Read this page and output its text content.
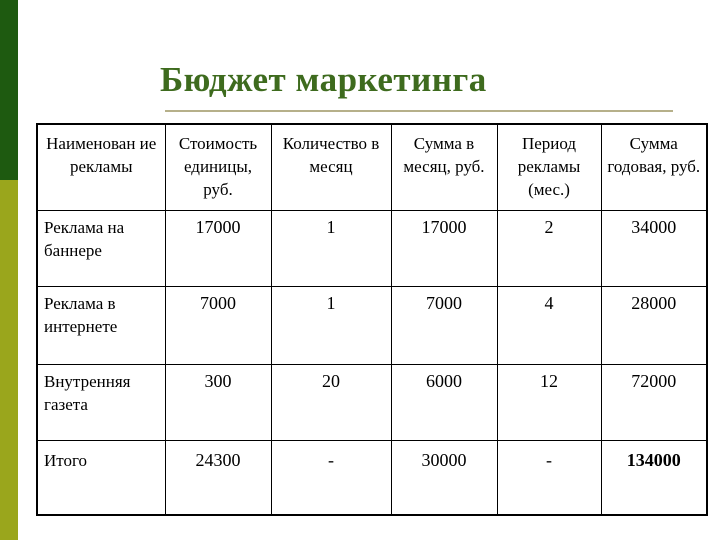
Бюджет маркетинга
Наименован ие рекламы	Стоимость единицы, руб.	Количество в месяц	Сумма в месяц, руб.	Период рекламы (мес.)	Сумма годовая, руб.
Реклама на баннере	17000	1	17000	2	34000
Реклама в интернете	7000	1	7000	4	28000
Внутренняя газета	300	20	6000	12	72000
Итого	24300	-	30000	-	134000
